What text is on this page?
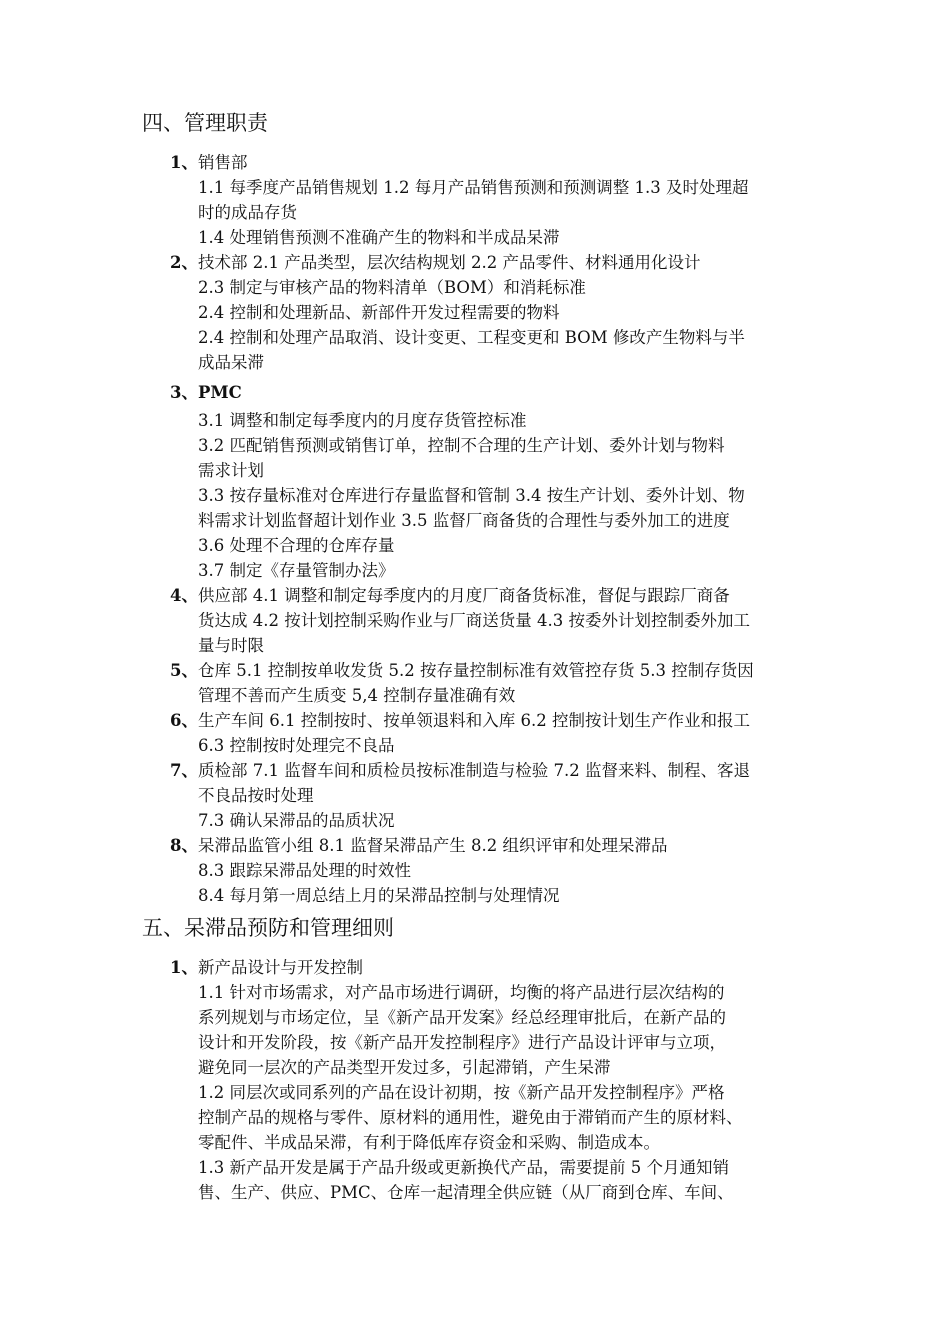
四、管理职责
1、 销售部
1.1 每季度产品销售规划 1.2 每月产品销售预测和预测调整 1.3 及时处理超
时的成品存货
1.4 处理销售预测不准确产生的物料和半成品呆滞
2、 技术部 2.1 产品类型，层次结构规划 2.2 产品零件、材料通用化设计
2.3 制定与审核产品的物料清单（BOM）和消耗标准
2.4 控制和处理新品、新部件开发过程需要的物料
2.4 控制和处理产品取消、设计变更、工程变更和 BOM 修改产生物料与半
成品呆滞
3、 PMC
3.1 调整和制定每季度内的月度存货管控标准
3.2 匹配销售预测或销售订单，控制不合理的生产计划、委外计划与物料
需求计划
3.3 按存量标准对仓库进行存量监督和管制 3.4 按生产计划、委外计划、物
料需求计划监督超计划作业 3.5 监督厂商备货的合理性与委外加工的进度
3.6 处理不合理的仓库存量
3.7 制定《存量管制办法》
4、 供应部 4.1 调整和制定每季度内的月度厂商备货标准，督促与跟踪厂商备
货达成 4.2 按计划控制采购作业与厂商送货量 4.3 按委外计划控制委外加工
量与时限
5、 仓库 5.1 控制按单收发货 5.2 按存量控制标准有效管控存货 5.3 控制存货因
管理不善而产生质变 5,4 控制存量准确有效
6、 生产车间 6.1 控制按时、按单领退料和入库 6.2 控制按计划生产作业和报工
6.3 控制按时处理完不良品
7、 质检部 7.1 监督车间和质检员按标准制造与检验 7.2 监督来料、制程、客退
不良品按时处理
7.3 确认呆滞品的品质状况
8、 呆滞品监管小组 8.1 监督呆滞品产生 8.2 组织评审和处理呆滞品
8.3 跟踪呆滞品处理的时效性
8.4 每月第一周总结上月的呆滞品控制与处理情况
五、呆滞品预防和管理细则
1、 新产品设计与开发控制
1.1 针对市场需求，对产品市场进行调研，均衡的将产品进行层次结构的
系列规划与市场定位，呈《新产品开发案》经总经理审批后，在新产品的
设计和开发阶段，按《新产品开发控制程序》进行产品设计评审与立项，
避免同一层次的产品类型开发过多，引起滞销，产生呆滞
1.2 同层次或同系列的产品在设计初期，按《新产品开发控制程序》严格
控制产品的规格与零件、原材料的通用性，避免由于滞销而产生的原材料、
零配件、半成品呆滞，有利于降低库存资金和采购、制造成本。
1.3 新产品开发是属于产品升级或更新换代产品，需要提前 5 个月通知销
售、生产、供应、PMC、仓库一起清理全供应链（从厂商到仓库、车间、
